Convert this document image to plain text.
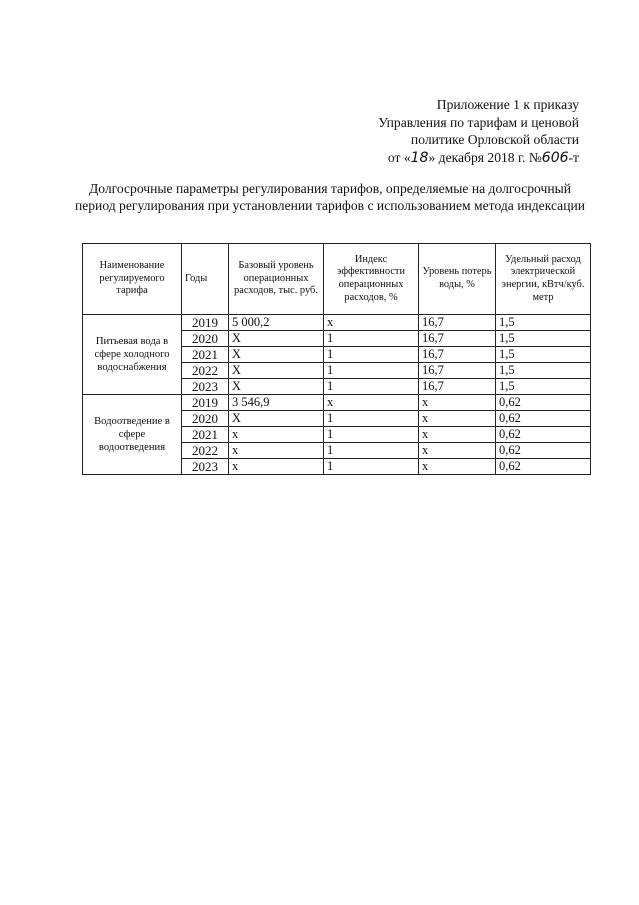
Приложение 1 к приказу
Управления по тарифам и ценовой
политике Орловской области
от «18» декабря 2018 г. №606-т
Долгосрочные параметры регулирования тарифов, определяемые на долгосрочный период регулирования при установлении тарифов с использованием метода индексации
Наименование регулируемого тарифа	Годы	Базовый уровень операционных расходов, тыс. руб.	Индекс эффективности операционных расходов, %	Уровень потерь воды, %	Удельный расход электрической энергии, кВтч/куб. метр
Питьевая вода в сфере холодного водоснабжения	2019	5 000,2	х	16,7	1,5
	2020	Х	1	16,7	1,5
	2021	Х	1	16,7	1,5
	2022	Х	1	16,7	1,5
	2023	Х	1	16,7	1,5
Водоотведение в сфере водоотведения	2019	3 546,9	х	х	0,62
	2020	Х	1	х	0,62
	2021	х	1	х	0,62
	2022	х	1	х	0,62
	2023	х	1	х	0,62
